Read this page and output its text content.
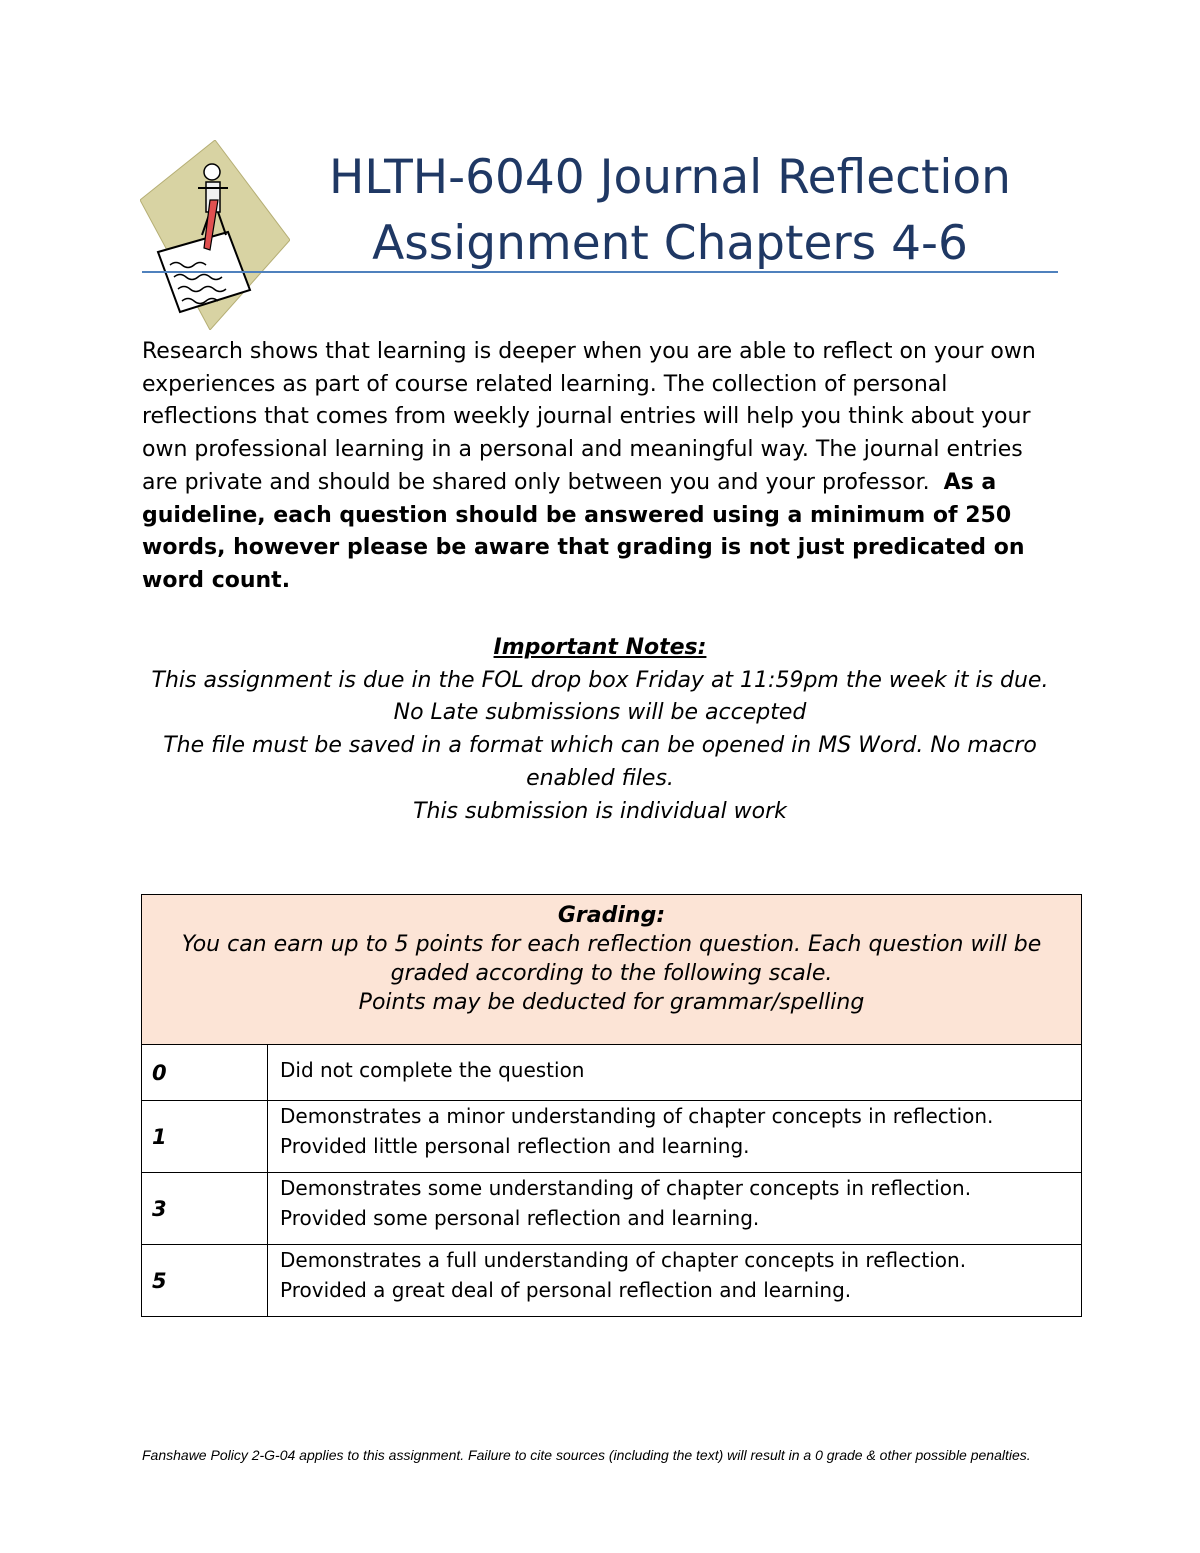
HLTH-6040 Journal Reflection
Assignment Chapters 4-6
Research shows that learning is deeper when you are able to reflect on your own experiences as part of course related learning. The collection of personal reflections that comes from weekly journal entries will help you think about your own professional learning in a personal and meaningful way. The journal entries are private and should be shared only between you and your professor. As a guideline, each question should be answered using a minimum of 250 words, however please be aware that grading is not just predicated on word count.
Important Notes:
This assignment is due in the FOL drop box Friday at 11:59pm the week it is due.
No Late submissions will be accepted
The file must be saved in a format which can be opened in MS Word. No macro enabled files.
This submission is individual work
Grading:
You can earn up to 5 points for each reflection question. Each question will be graded according to the following scale.
Points may be deducted for grammar/spelling	

0	Did not complete the question

1	Demonstrates a minor understanding of chapter concepts in reflection.
Provided little personal reflection and learning.

3	Demonstrates some understanding of chapter concepts in reflection.
Provided some personal reflection and learning.

5	Demonstrates a full understanding of chapter concepts in reflection.
Provided a great deal of personal reflection and learning.
Fanshawe Policy 2-G-04 applies to this assignment. Failure to cite sources (including the text) will result in a 0 grade & other possible penalties.
